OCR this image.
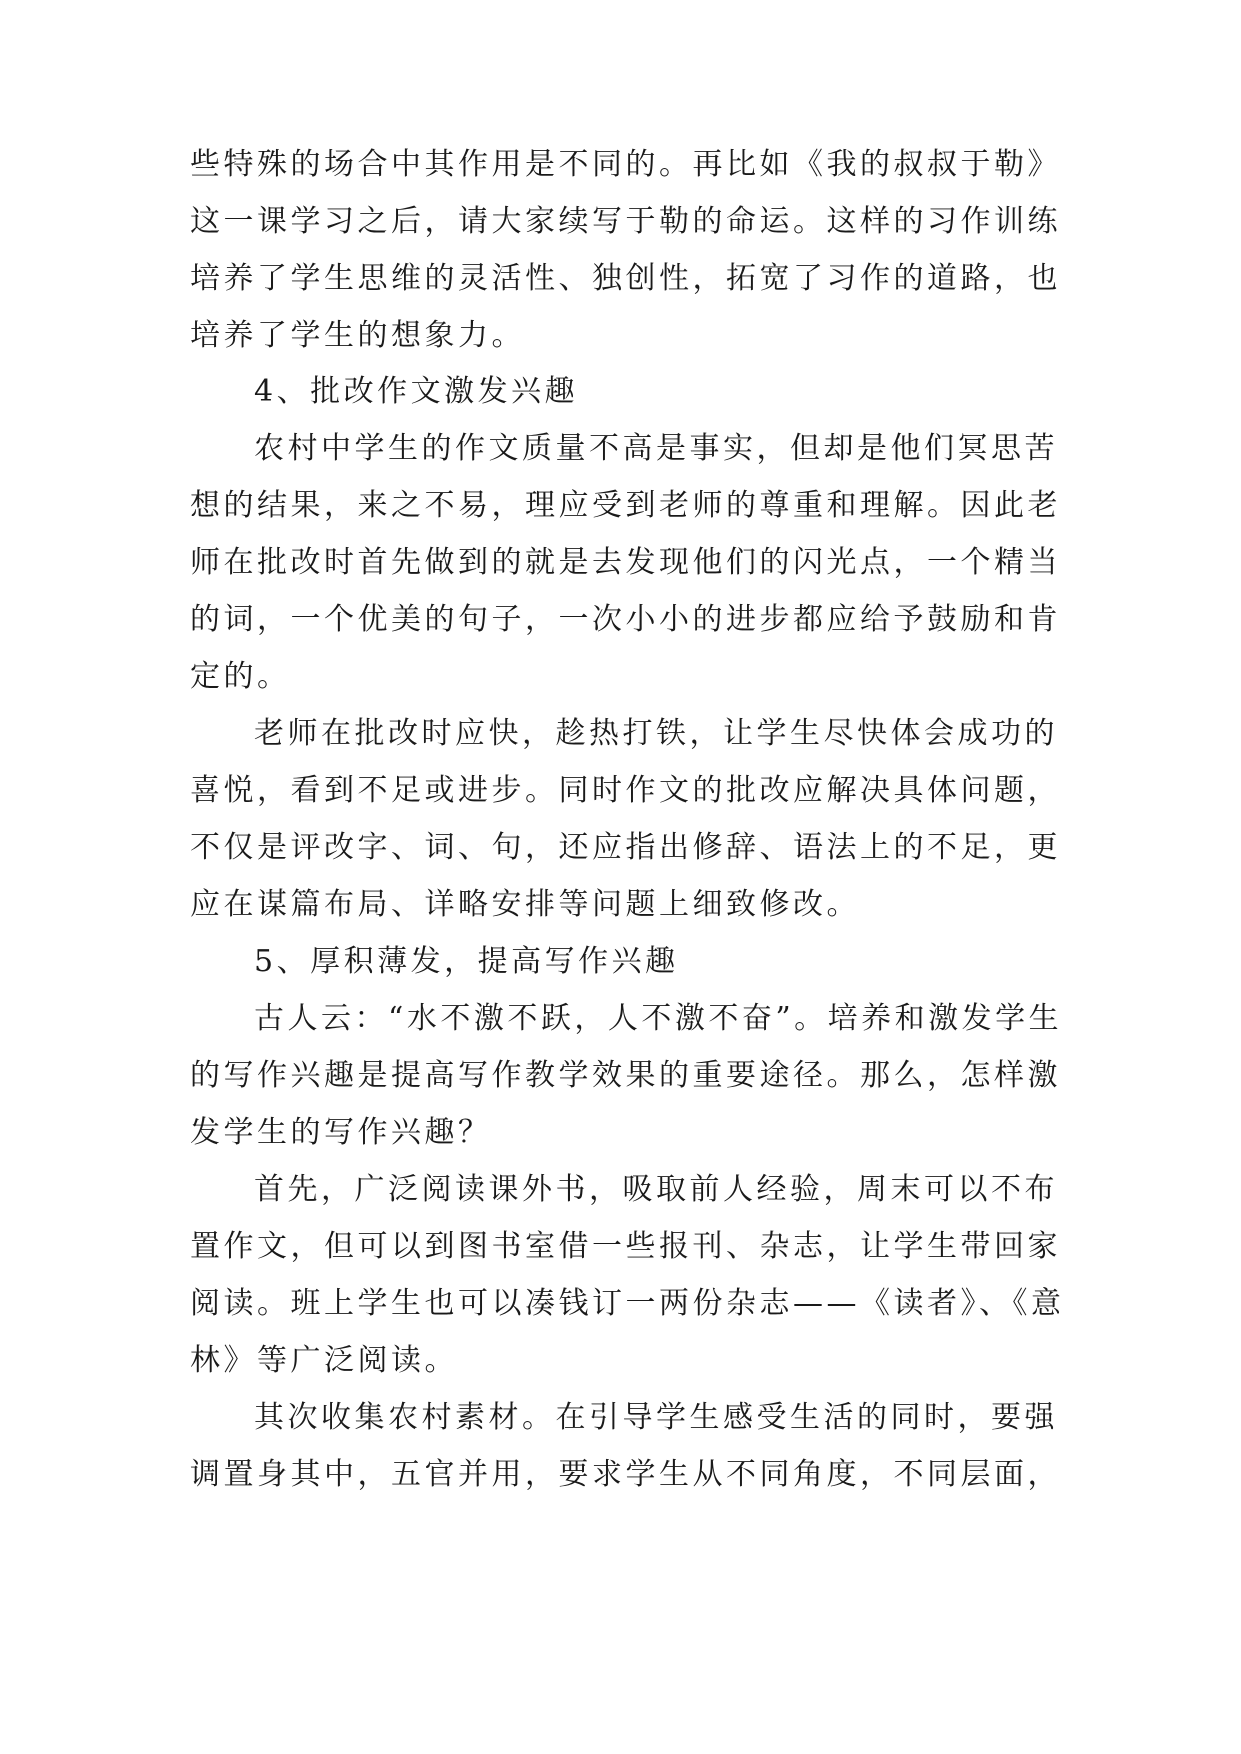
些特殊的场合中其作用是不同的。再比如《我的叔叔于勒》
这一课学习之后，请大家续写于勒的命运。这样的习作训练
培养了学生思维的灵活性、独创性，拓宽了习作的道路，也
培养了学生的想象力。
4、批改作文激发兴趣
农村中学生的作文质量不高是事实，但却是他们冥思苦
想的结果，来之不易，理应受到老师的尊重和理解。因此老
师在批改时首先做到的就是去发现他们的闪光点，一个精当
的词，一个优美的句子，一次小小的进步都应给予鼓励和肯
定的。
老师在批改时应快，趁热打铁，让学生尽快体会成功的
喜悦，看到不足或进步。同时作文的批改应解决具体问题，
不仅是评改字、词、句，还应指出修辞、语法上的不足，更
应在谋篇布局、详略安排等问题上细致修改。
5、厚积薄发，提高写作兴趣
古人云：“水不激不跃，人不激不奋”。培养和激发学生
的写作兴趣是提高写作教学效果的重要途径。那么，怎样激
发学生的写作兴趣？
首先，广泛阅读课外书，吸取前人经验，周末可以不布
置作文，但可以到图书室借一些报刊、杂志，让学生带回家
阅读。班上学生也可以凑钱订一两份杂志——《读者》、《意
林》等广泛阅读。
其次收集农村素材。在引导学生感受生活的同时，要强
调置身其中，五官并用，要求学生从不同角度，不同层面，
